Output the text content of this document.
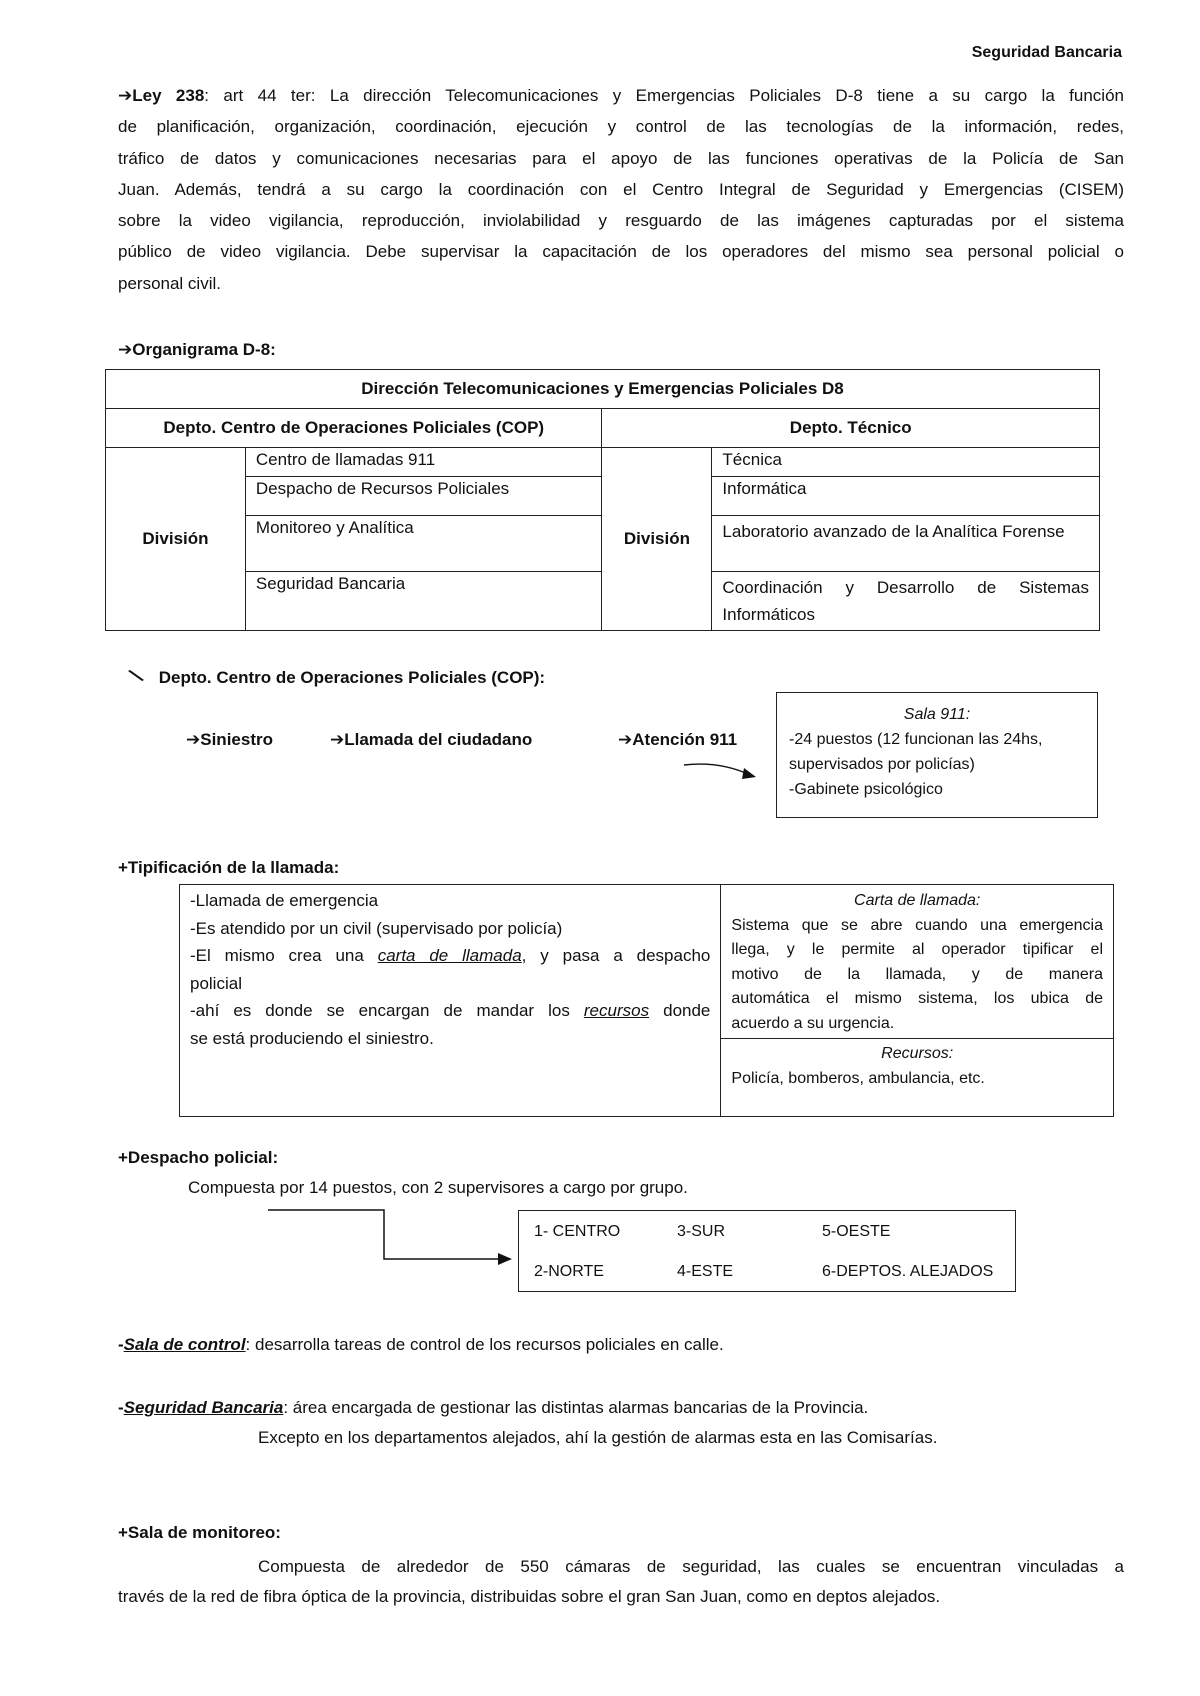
Seguridad Bancaria
➔Ley 238: art 44 ter: La dirección Telecomunicaciones y Emergencias Policiales D-8 tiene a su cargo la función
de planificación, organización, coordinación, ejecución y control de las tecnologías de la información, redes,
tráfico de datos y comunicaciones necesarias para el apoyo de las funciones operativas de la Policía de San
Juan. Además, tendrá a su cargo la coordinación con el Centro Integral de Seguridad y Emergencias (CISEM)
sobre la video vigilancia, reproducción, inviolabilidad y resguardo de las imágenes capturadas por el sistema
público de video vigilancia. Debe supervisar la capacitación de los operadores del mismo sea personal policial o
personal civil.
➔Organigrama D-8:
Dirección Telecomunicaciones y Emergencias Policiales D8			
Depto. Centro de Operaciones Policiales (COP)		Depto. Técnico	
División	Centro de llamadas 911	División	Técnica
	Despacho de Recursos Policiales		Informática
	Monitoreo y Analítica		Laboratorio avanzado de la Analítica Forense
	Seguridad Bancaria		Coordinación y Desarrollo de Sistemas Informáticos
Depto. Centro de Operaciones Policiales (COP):
➔Siniestro	➔Llamada del ciudadano	➔Atención 911
Sala 911:
-24 puestos (12 funcionan las 24hs,
supervisados por policías)
-Gabinete psicológico
+Tipificación de la llamada:
-Llamada de emergencia
-Es atendido por un civil (supervisado por policía)
-El mismo crea una carta de llamada, y pasa a despacho
policial
-ahí es donde se encargan de mandar los recursos donde
se está produciendo el siniestro.

Carta de llamada:
Sistema que se abre cuando una emergencia
llega, y le permite al operador tipificar el
motivo de la llamada, y de manera
automática el mismo sistema, los ubica de
acuerdo a su urgencia.

Recursos:
Policía, bomberos, ambulancia, etc.
+Despacho policial:
Compuesta por 14 puestos, con 2 supervisores a cargo por grupo.
1- CENTRO	3-SUR	5-OESTE
2-NORTE	4-ESTE	6-DEPTOS. ALEJADOS
-Sala de control: desarrolla tareas de control de los recursos policiales en calle.
-Seguridad Bancaria: área encargada de gestionar las distintas alarmas bancarias de la Provincia.
Excepto en los departamentos alejados, ahí la gestión de alarmas esta en las Comisarías.
+Sala de monitoreo:
Compuesta de alrededor de 550 cámaras de seguridad, las cuales se encuentran vinculadas a
través de la red de fibra óptica de la provincia, distribuidas sobre el gran San Juan, como en deptos alejados.
